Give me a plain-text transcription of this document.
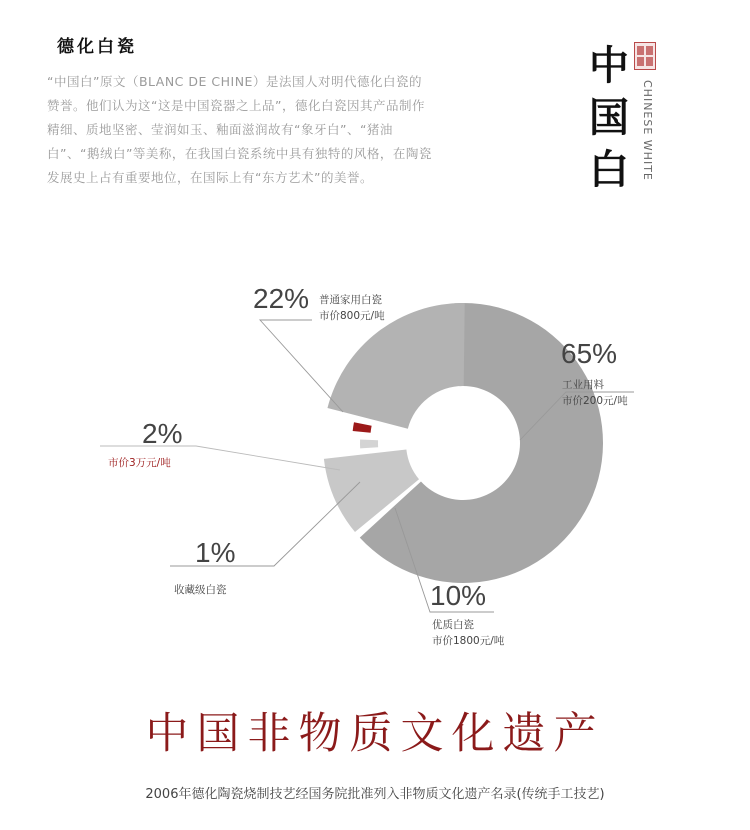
德化白瓷
“中国白”原文（BLANC DE CHINE）是法国人对明代德化白瓷的赞誉。他们认为这“这是中国瓷器之上品”，德化白瓷因其产品制作精细、质地坚密、莹润如玉、釉面滋润故有“象牙白”、“猪油白”、“鹅绒白”等美称，在我国白瓷系统中具有独特的风格，在陶瓷发展史上占有重要地位，在国际上有“东方艺术”的美誉。
中
国
白	CHINESE WHITE
65%
工业用料
市价200元/吨
10%
优质白瓷
市价1800元/吨
1%
收藏级白瓷
2%
市价3万元/吨
22% 普通家用白瓷
市价800元/吨
中国非物质文化遗产
2006年德化陶瓷烧制技艺经国务院批准列入非物质文化遗产名录(传统手工技艺)
